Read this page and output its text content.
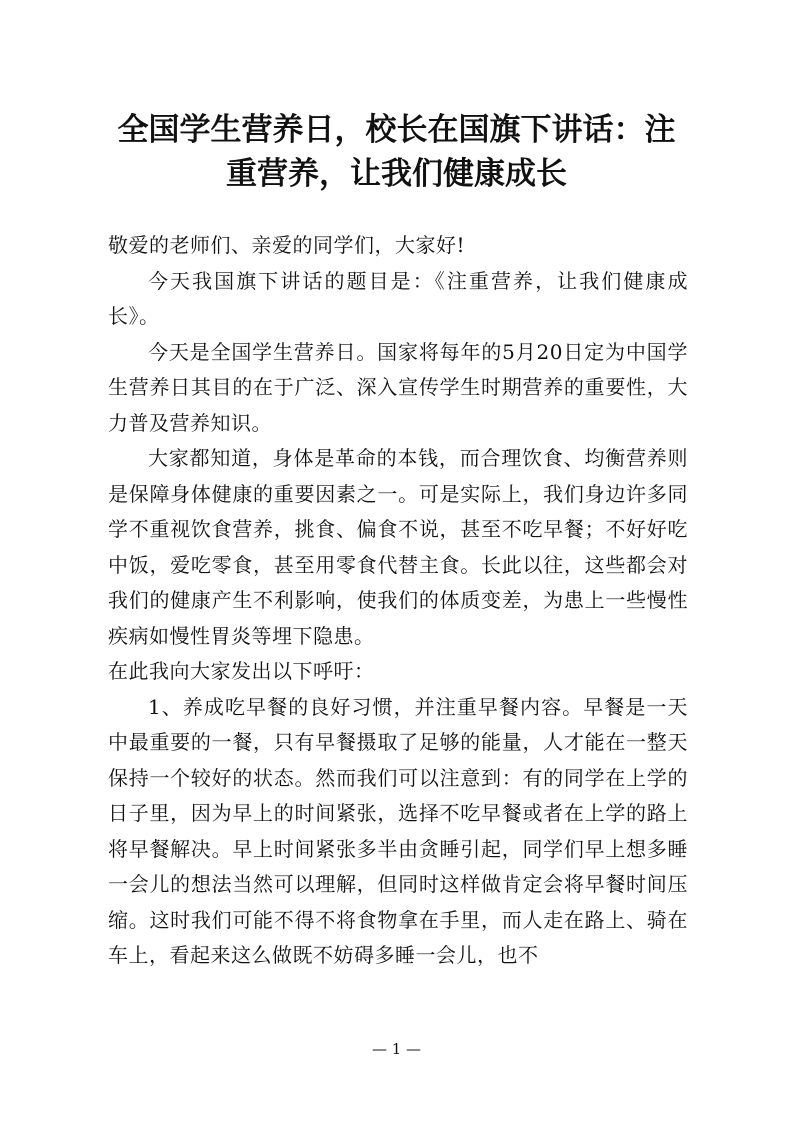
全国学生营养日，校长在国旗下讲话：注
重营养，让我们健康成长

敬爱的老师们、亲爱的同学们，大家好!

今天我国旗下讲话的题目是：《注重营养，让我们健康成长》。

今天是全国学生营养日。国家将每年的5月20日定为中国学生营养日其目的在于广泛、深入宣传学生时期营养的重要性，大力普及营养知识。

大家都知道，身体是革命的本钱，而合理饮食、均衡营养则是保障身体健康的重要因素之一。可是实际上，我们身边许多同学不重视饮食营养，挑食、偏食不说，甚至不吃早餐；不好好吃中饭，爱吃零食，甚至用零食代替主食。长此以往，这些都会对我们的健康产生不利影响，使我们的体质变差，为患上一些慢性疾病如慢性胃炎等埋下隐患。

在此我向大家发出以下呼吁：

1、养成吃早餐的良好习惯，并注重早餐内容。早餐是一天中最重要的一餐，只有早餐摄取了足够的能量，人才能在一整天保持一个较好的状态。然而我们可以注意到：有的同学在上学的日子里，因为早上的时间紧张，选择不吃早餐或者在上学的路上将早餐解决。早上时间紧张多半由贪睡引起，同学们早上想多睡一会儿的想法当然可以理解，但同时这样做肯定会将早餐时间压缩。这时我们可能不得不将食物拿在手里，而人走在路上、骑在车上，看起来这么做既不妨碍多睡一会儿，也不

— 1 —
